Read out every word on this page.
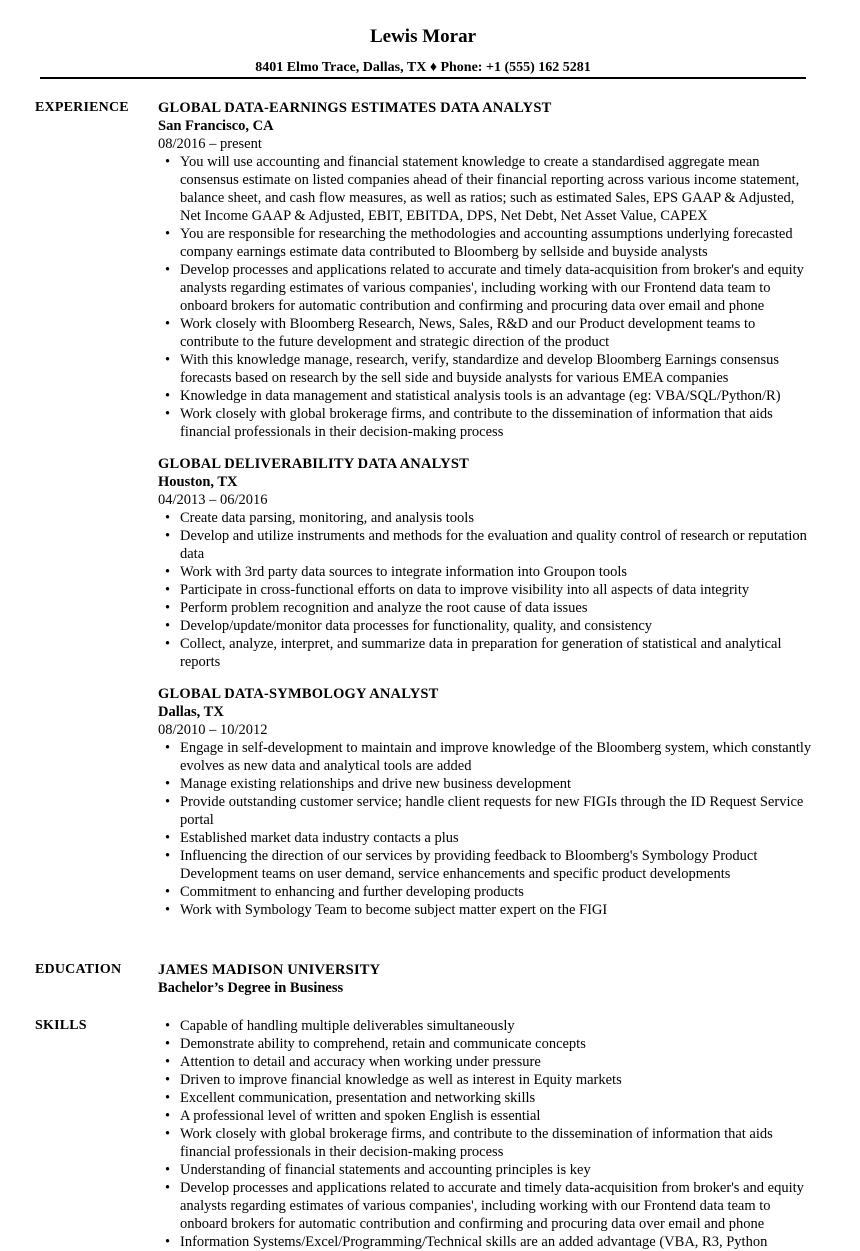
Lewis Morar
8401 Elmo Trace, Dallas, TX ♦ Phone: +1 (555) 162 5281
EXPERIENCE GLOBAL DATA-EARNINGS ESTIMATES DATA ANALYST
San Francisco, CA
08/2016 – present
• You will use accounting and financial statement knowledge to create a standardised aggregate mean consensus estimate on listed companies ahead of their financial reporting across various income statement, balance sheet, and cash flow measures, as well as ratios; such as estimated Sales, EPS GAAP & Adjusted, Net Income GAAP & Adjusted, EBIT, EBITDA, DPS, Net Debt, Net Asset Value, CAPEX
• You are responsible for researching the methodologies and accounting assumptions underlying forecasted company earnings estimate data contributed to Bloomberg by sellside and buyside analysts
• Develop processes and applications related to accurate and timely data-acquisition from broker's and equity analysts regarding estimates of various companies', including working with our Frontend data team to onboard brokers for automatic contribution and confirming and procuring data over email and phone
• Work closely with Bloomberg Research, News, Sales, R&D and our Product development teams to contribute to the future development and strategic direction of the product
• With this knowledge manage, research, verify, standardize and develop Bloomberg Earnings consensus forecasts based on research by the sell side and buyside analysts for various EMEA companies
• Knowledge in data management and statistical analysis tools is an advantage (eg: VBA/SQL/Python/R)
• Work closely with global brokerage firms, and contribute to the dissemination of information that aids financial professionals in their decision-making process
GLOBAL DELIVERABILITY DATA ANALYST
Houston, TX
04/2013 – 06/2016
• Create data parsing, monitoring, and analysis tools
• Develop and utilize instruments and methods for the evaluation and quality control of research or reputation data
• Work with 3rd party data sources to integrate information into Groupon tools
• Participate in cross-functional efforts on data to improve visibility into all aspects of data integrity
• Perform problem recognition and analyze the root cause of data issues
• Develop/update/monitor data processes for functionality, quality, and consistency
• Collect, analyze, interpret, and summarize data in preparation for generation of statistical and analytical reports
GLOBAL DATA-SYMBOLOGY ANALYST
Dallas, TX
08/2010 – 10/2012
• Engage in self-development to maintain and improve knowledge of the Bloomberg system, which constantly evolves as new data and analytical tools are added
• Manage existing relationships and drive new business development
• Provide outstanding customer service; handle client requests for new FIGIs through the ID Request Service portal
• Established market data industry contacts a plus
• Influencing the direction of our services by providing feedback to Bloomberg's Symbology Product Development teams on user demand, service enhancements and specific product developments
• Commitment to enhancing and further developing products
• Work with Symbology Team to become subject matter expert on the FIGI
EDUCATION	JAMES MADISON UNIVERSITY
Bachelor’s Degree in Business
SKILLS	• Capable of handling multiple deliverables simultaneously
• Demonstrate ability to comprehend, retain and communicate concepts
• Attention to detail and accuracy when working under pressure
• Driven to improve financial knowledge as well as interest in Equity markets
• Excellent communication, presentation and networking skills
• A professional level of written and spoken English is essential
• Work closely with global brokerage firms, and contribute to the dissemination of information that aids financial professionals in their decision-making process
• Understanding of financial statements and accounting principles is key
• Develop processes and applications related to accurate and timely data-acquisition from broker's and equity analysts regarding estimates of various companies', including working with our Frontend data team to onboard brokers for automatic contribution and confirming and procuring data over email and phone
• Information Systems/Excel/Programming/Technical skills are an added advantage (VBA, R3, Python
